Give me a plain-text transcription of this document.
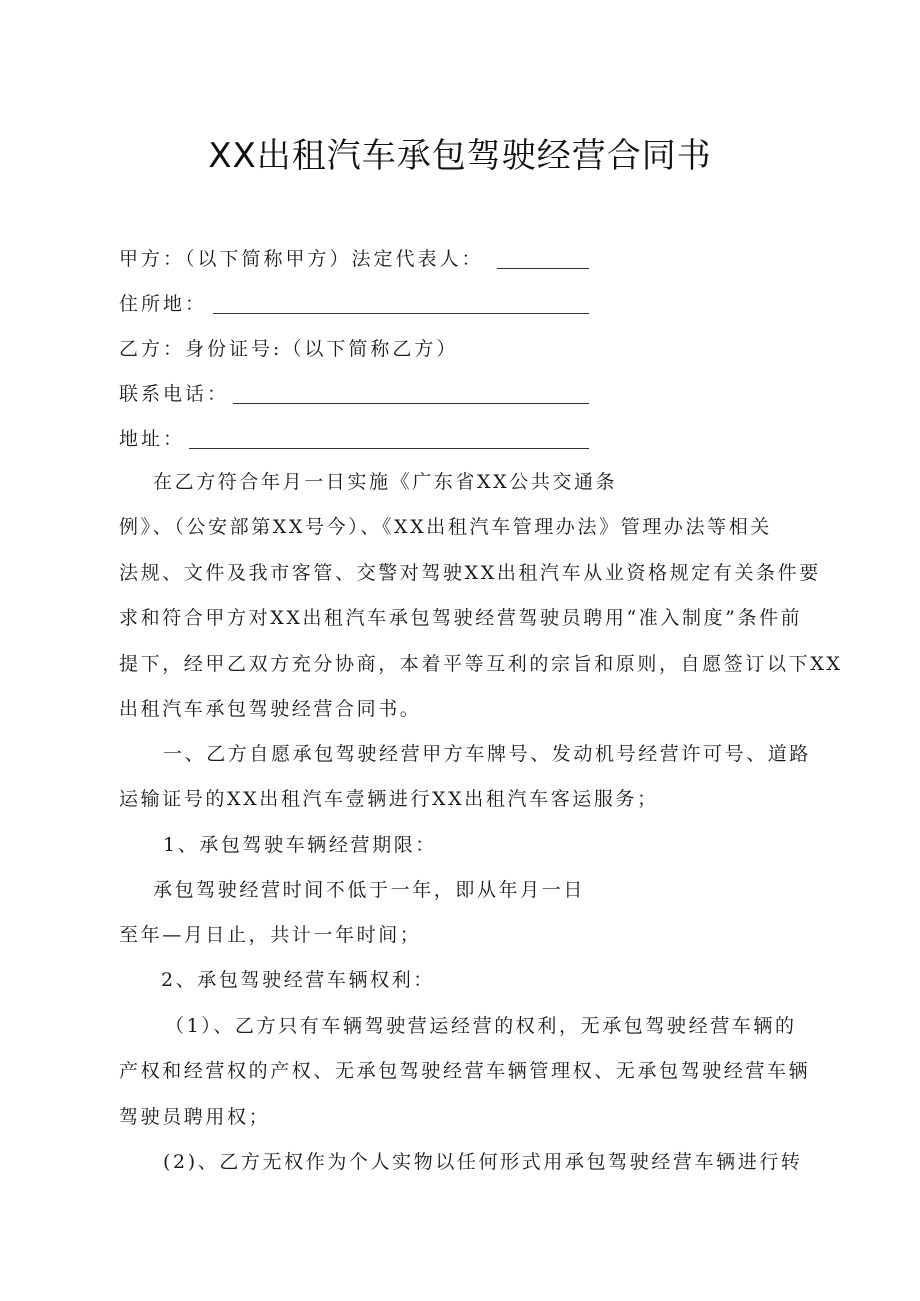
XX出租汽车承包驾驶经营合同书
甲方：（以下简称甲方）法定代表人：
住所地：
乙方：身份证号:（以下简称乙方）
联系电话：
地址：
在乙方符合年月一日实施《广东省XX公共交通条
例》、（公安部第XX号今）、《XX出租汽车管理办法》管理办法等相关
法规、文件及我市客管、交警对驾驶XX出租汽车从业资格规定有关条件要
求和符合甲方对XX出租汽车承包驾驶经营驾驶员聘用“准入制度”条件前
提下，经甲乙双方充分协商，本着平等互利的宗旨和原则，自愿签订以下XX
出租汽车承包驾驶经营合同书。
一、乙方自愿承包驾驶经营甲方车牌号、发动机号经营许可号、道路
运输证号的XX出租汽车壹辆进行XX出租汽车客运服务；
1、承包驾驶车辆经营期限：
承包驾驶经营时间不低于一年，即从年月一日
至年—月日止，共计一年时间；
2、承包驾驶经营车辆权利：
（1）、乙方只有车辆驾驶营运经营的权利，无承包驾驶经营车辆的
产权和经营权的产权、无承包驾驶经营车辆管理权、无承包驾驶经营车辆
驾驶员聘用权；
(2)、乙方无权作为个人实物以任何形式用承包驾驶经营车辆进行转
